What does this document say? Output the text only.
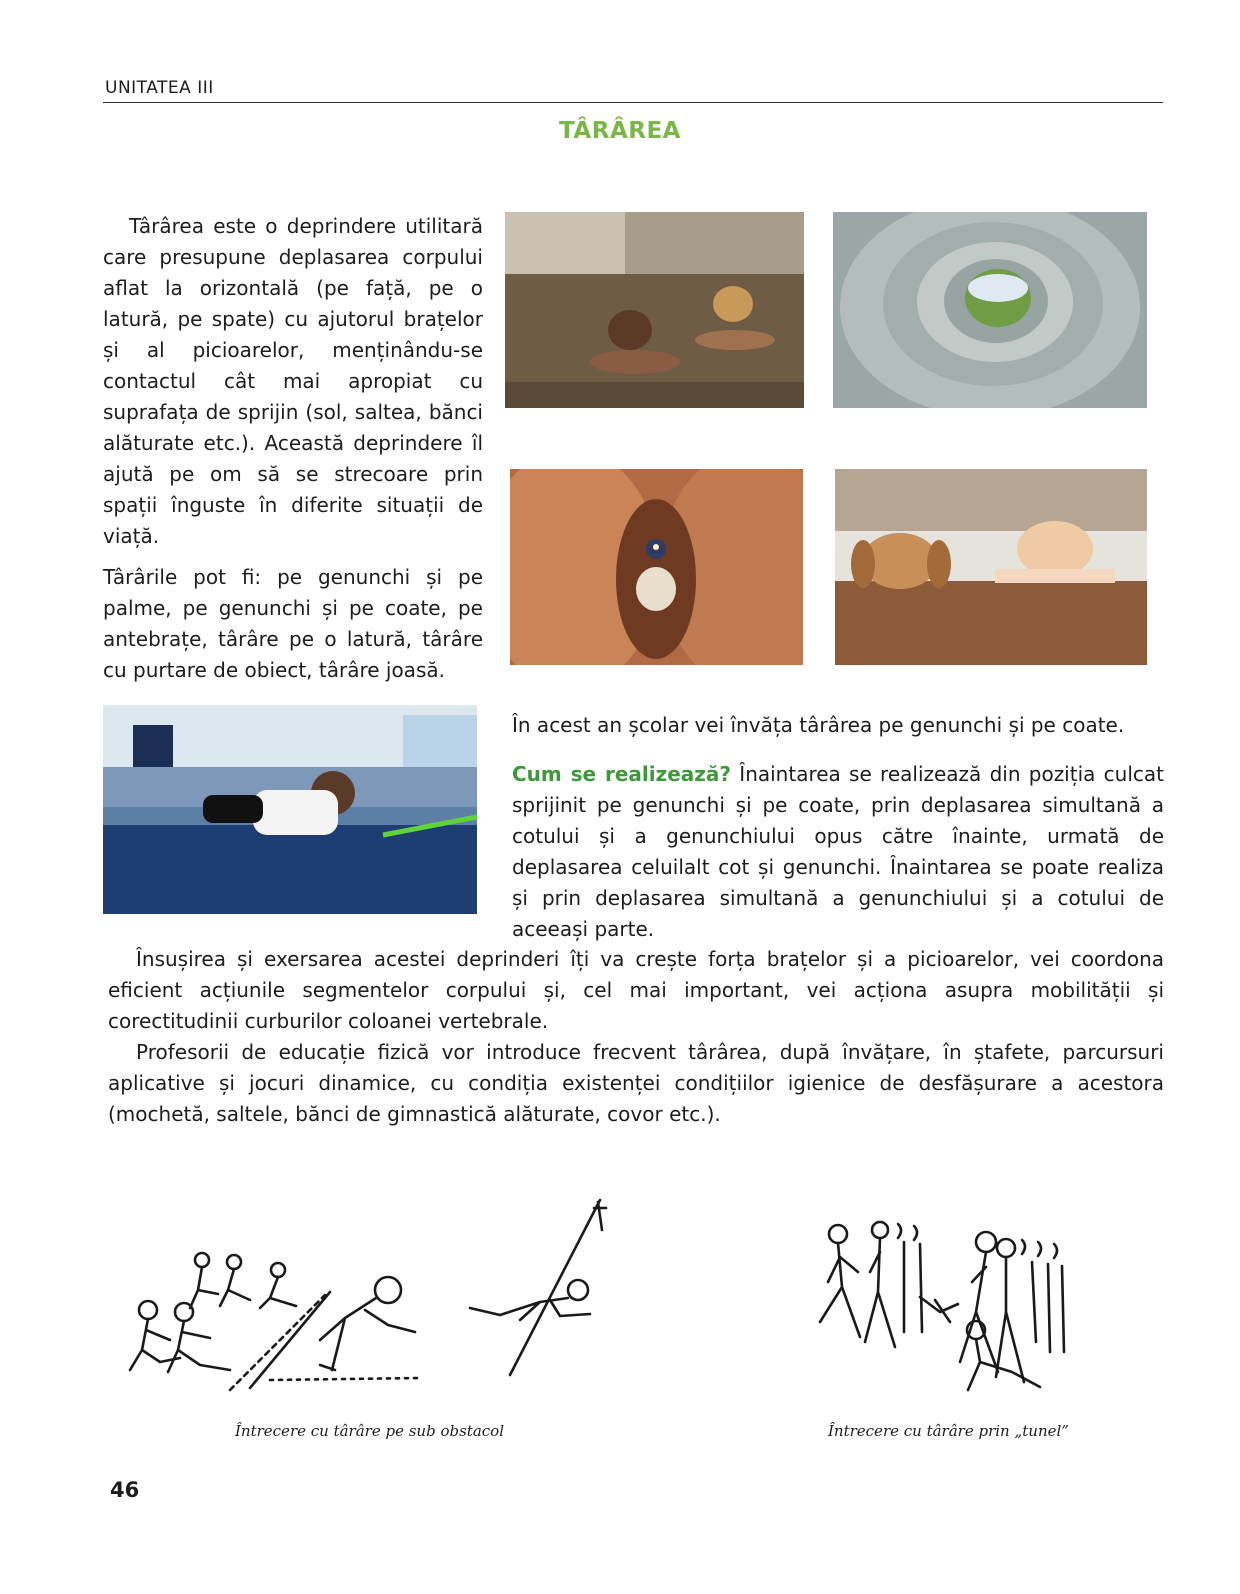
UNITATEA III
TÂRÂREA

Târârea este o deprindere utilitară care presupune deplasarea corpului aflat la orizontală (pe față, pe o latură, pe spate) cu ajutorul brațelor și al picioarelor, menținându-se contactul cât mai apropiat cu suprafața de sprijin (sol, saltea, bănci alăturate etc.). Această deprindere îl ajută pe om să se strecoare prin spații înguste în diferite situații de viață.

Târârile pot fi: pe genunchi și pe palme, pe genunchi și pe coate, pe antebrațe, târâre pe o latură, târâre cu purtare de obiect, târâre joasă.

În acest an școlar vei învăța târârea pe genunchi și pe coate.

Cum se realizează? Înaintarea se realizează din poziția culcat sprijinit pe genunchi și pe coate, prin deplasarea simultană a cotului și a genunchiului opus către înainte, urmată de deplasarea celuilalt cot și genunchi. Înaintarea se poate realiza și prin deplasarea simultană a genunchiului și a cotului de aceeași parte.

Însușirea și exersarea acestei deprinderi îți va crește forța brațelor și a picioarelor, vei coordona eficient acțiunile segmentelor corpului și, cel mai important, vei acționa asupra mobilității și corectitudinii curburilor coloanei vertebrale.

Profesorii de educație fizică vor introduce frecvent târârea, după învățare, în ștafete, parcursuri aplicative și jocuri dinamice, cu condiția existenței condițiilor igienice de desfășurare a acestora (mochetă, saltele, bănci de gimnastică alăturate, covor etc.).

Întrecere cu târâre pe sub obstacol	Întrecere cu târâre prin „tunel”
46
